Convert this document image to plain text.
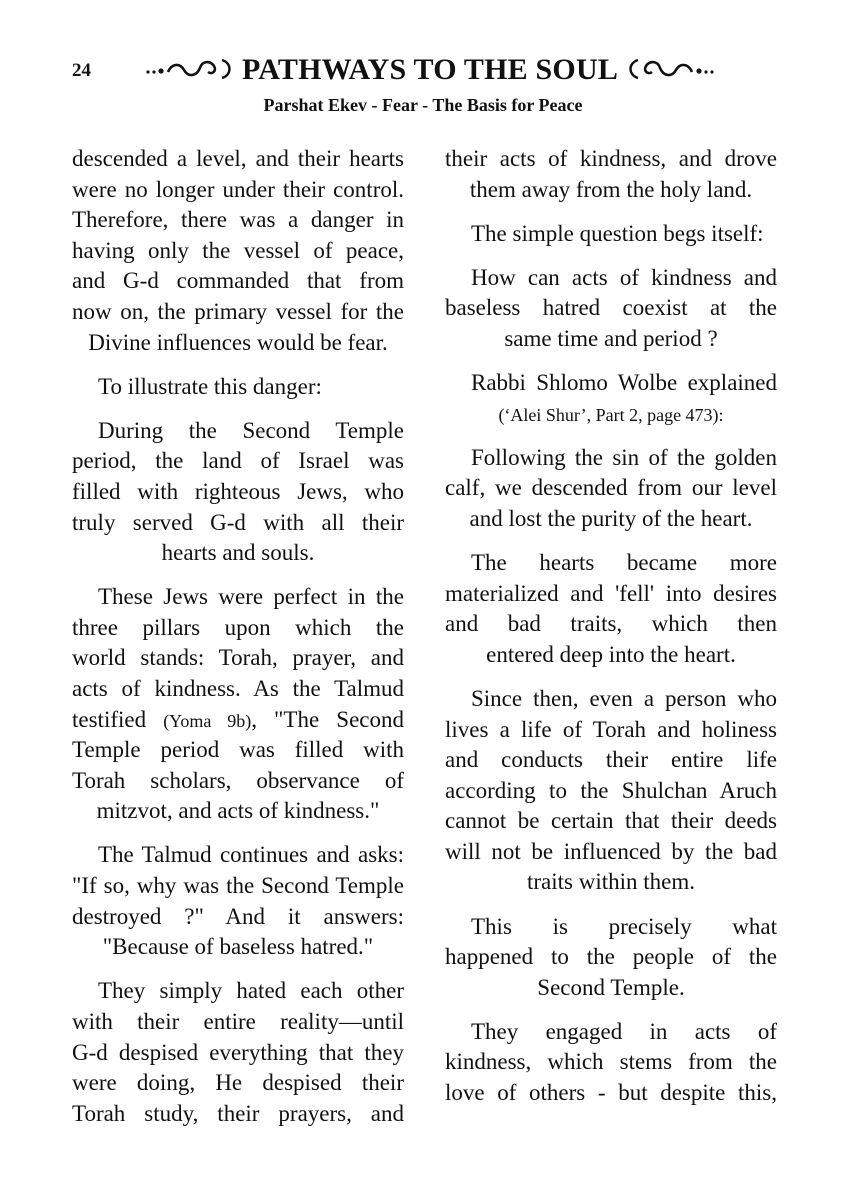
24	PATHWAYS TO THE SOUL
Parshat Ekev - Fear - The Basis for Peace
descended a level, and their hearts
were no longer under their control.
Therefore, there was a danger in
having only the vessel of peace,
and G-d commanded that from
now on, the primary vessel for the
Divine influences would be fear.
To illustrate this danger:
During the Second Temple
period, the land of Israel was
filled with righteous Jews, who
truly served G-d with all their
hearts and souls.
These Jews were perfect in the
three pillars upon which the
world stands: Torah, prayer, and
acts of kindness. As the Talmud
testified (Yoma 9b), "The Second
Temple period was filled with
Torah scholars, observance of
mitzvot, and acts of kindness."
The Talmud continues and asks:
"If so, why was the Second Temple
destroyed ?" And it answers:
"Because of baseless hatred."
They simply hated each other
with their entire reality—until
G-d despised everything that they
were doing, He despised their
Torah study, their prayers, and
their acts of kindness, and drove
them away from the holy land.
The simple question begs itself:
How can acts of kindness and
baseless hatred coexist at the
same time and period ?
Rabbi Shlomo Wolbe explained
(‘Alei Shur’, Part 2, page 473):
Following the sin of the golden
calf, we descended from our level
and lost the purity of the heart.
The hearts became more
materialized and 'fell' into desires
and bad traits, which then
entered deep into the heart.
Since then, even a person who
lives a life of Torah and holiness
and conducts their entire life
according to the Shulchan Aruch
cannot be certain that their deeds
will not be influenced by the bad
traits within them.
This is precisely what
happened to the people of the
Second Temple.
They engaged in acts of
kindness, which stems from the
love of others - but despite this,
